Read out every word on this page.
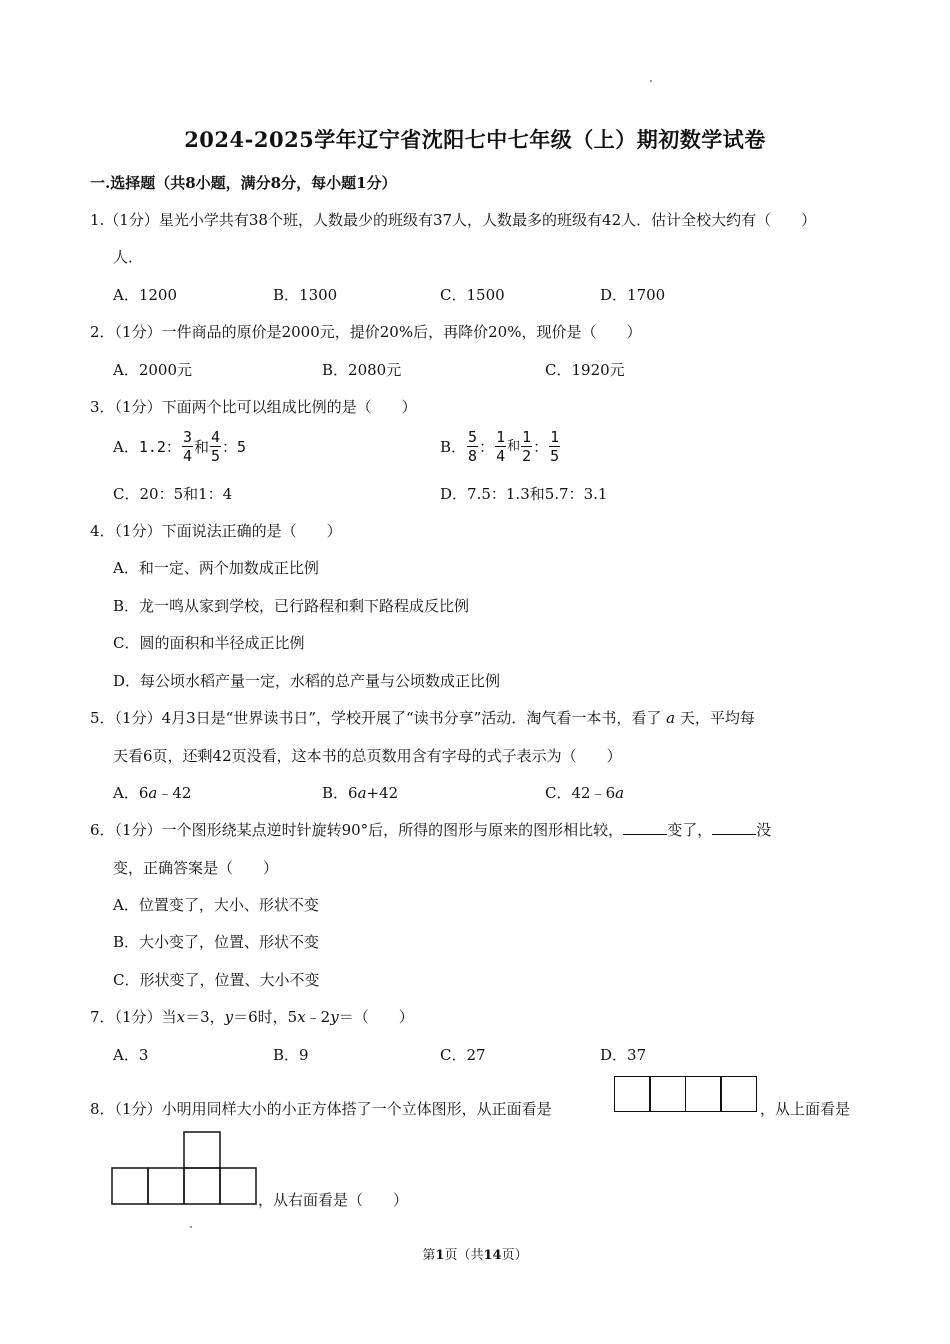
2024-2025学年辽宁省沈阳七中七年级（上）期初数学试卷
一.选择题（共8小题，满分8分，每小题1分）
1.（1分）星光小学共有38个班，人数最少的班级有37人，人数最多的班级有42人．估计全校大约有（　　）
人．
A．1200	B．1300	C．1500	D．1700
2．（1分）一件商品的原价是2000元，提价20%后，再降价20%，现价是（　　）
A．2000元	B．2080元	C．1920元
3．（1分）下面两个比可以组成比例的是（　　）
A． 1.2： $\frac{3}{4}$ 和 $\frac{4}{5}$ ：5	B． $\frac{5}{8}$ ： $\frac{1}{4}$ 和 $\frac{1}{2}$ ： $\frac{1}{5}$
C．20：5和1：4	D．7.5：1.3和5.7：3.1
4．（1分）下面说法正确的是（　　）
A．和一定、两个加数成正比例
B．龙一鸣从家到学校，已行路程和剩下路程成反比例
C．圆的面积和半径成正比例
D．每公顷水稻产量一定，水稻的总产量与公顷数成正比例
5．（1分）4月3日是“世界读书日”，学校开展了“读书分享”活动．淘气看一本书，看了 a 天，平均每
天看6页，还剩42页没看，这本书的总页数用含有字母的式子表示为（　　）
A．6a﹣42	B．6a+42	C．42﹣6a
6．（1分）一个图形绕某点逆时针旋转90°后，所得的图形与原来的图形相比较，	变了，	没
变，正确答案是（　　）
A．位置变了，大小、形状不变
B．大小变了，位置、形状不变
C．形状变了，位置、大小不变
7．（1分）当x＝3，y＝6时，5x﹣2y＝（　　）
A．3	B．9	C．27	D．37
8．（1分）小明用同样大小的小正方体搭了一个立体图形，从正面看是	，从上面看是
，从右面看是（　　）
第1页（共14页）
